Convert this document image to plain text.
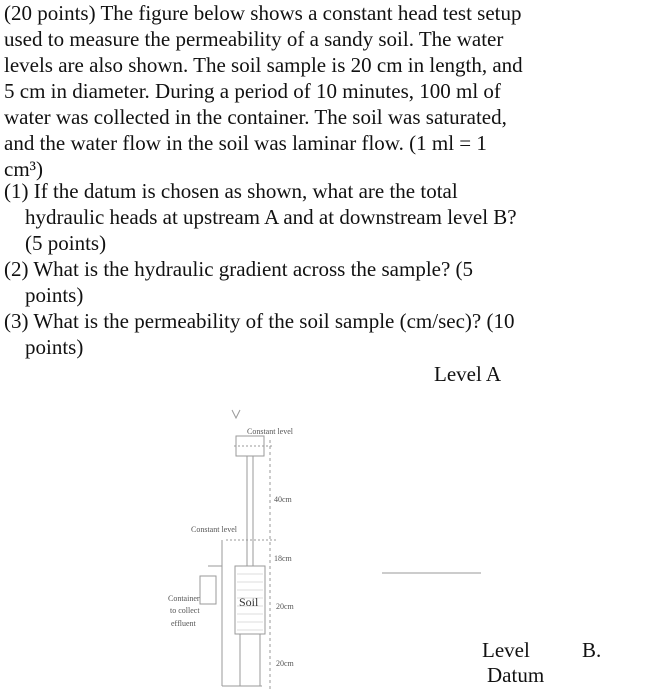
(20 points) The figure below shows a constant head test setup
used to measure the permeability of a sandy soil. The water
levels are also shown. The soil sample is 20 cm in length, and
5 cm in diameter. During a period of 10 minutes, 100 ml of
water was collected in the container. The soil was saturated,
and the water flow in the soil was laminar flow. (1 ml = 1
cm³)
(1) If the datum is chosen as shown, what are the total
hydraulic heads at upstream A and at downstream level B?
(5 points)
(2) What is the hydraulic gradient across the sample? (5
points)
(3) What is the permeability of the soil sample (cm/sec)? (10
points)
Level A
Level B.
Datum
Constant level
Constant level
40cm
18cm
20cm
20cm
Soil
Container
to collect
effluent
